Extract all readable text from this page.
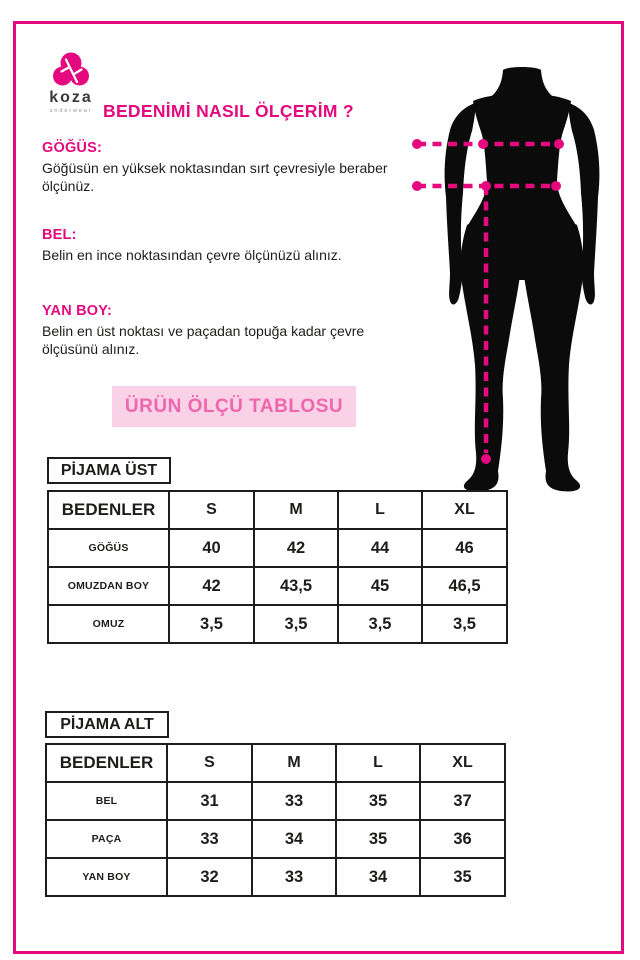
koza
underwear BEDENİMİ NASIL ÖLÇERİM ?
GÖĞÜS:
Göğüsün en yüksek noktasından sırt çevresiyle beraber ölçünüz.
BEL:
Belin en ince noktasından çevre ölçünüzü alınız.
YAN BOY:
Belin en üst noktası ve paçadan topuğa kadar çevre ölçüsünü alınız.
ÜRÜN ÖLÇÜ TABLOSU
PİJAMA ÜST
BEDENLER	S	M	L	XL
GÖĞÜS	40	42	44	46
OMUZDAN BOY	42	43,5	45	46,5
OMUZ	3,5	3,5	3,5	3,5
PİJAMA ALT
BEDENLER	S	M	L	XL
BEL	31	33	35	37
PAÇA	33	34	35	36
YAN BOY	32	33	34	35
